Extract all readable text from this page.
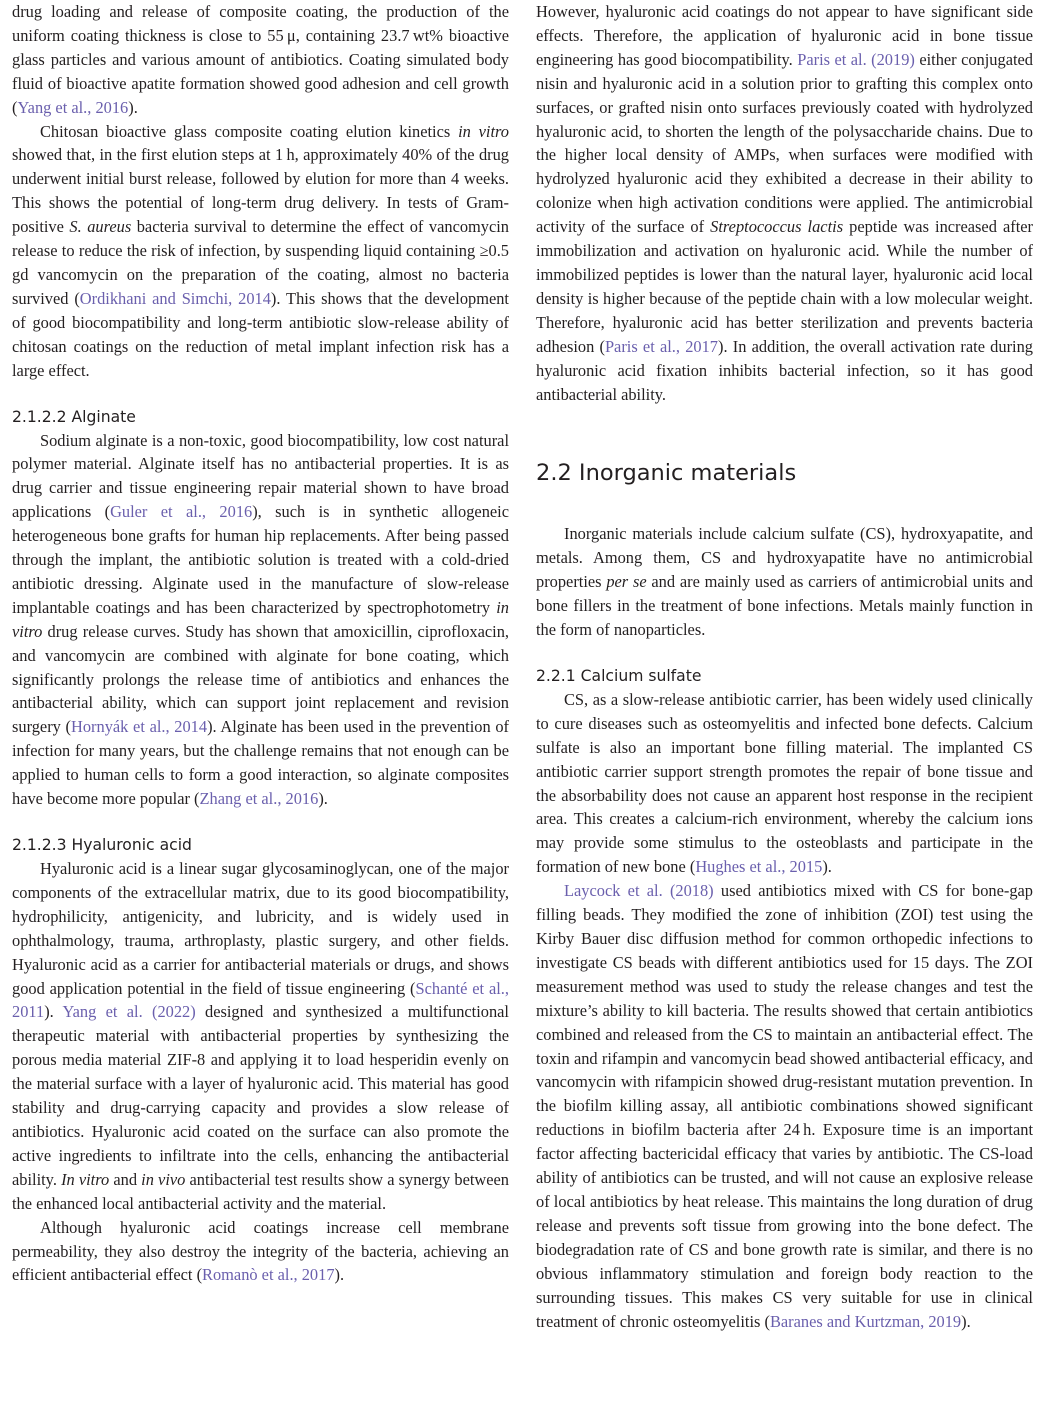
drug loading and release of composite coating, the production of the uniform coating thickness is close to 55 μ, containing 23.7 wt% bioactive glass particles and various amount of antibiotics. Coating simulated body fluid of bioactive apatite formation showed good adhesion and cell growth (Yang et al., 2016).

Chitosan bioactive glass composite coating elution kinetics in vitro showed that, in the first elution steps at 1 h, approximately 40% of the drug underwent initial burst release, followed by elution for more than 4 weeks. This shows the potential of long-term drug delivery. In tests of Gram-positive S. aureus bacteria survival to determine the effect of vancomycin release to reduce the risk of infection, by suspending liquid containing ≥0.5 gd vancomycin on the preparation of the coating, almost no bacteria survived (Ordikhani and Simchi, 2014). This shows that the development of good biocompatibility and long-term antibiotic slow-release ability of chitosan coatings on the reduction of metal implant infection risk has a large effect.

2.1.2.2 Alginate

Sodium alginate is a non-toxic, good biocompatibility, low cost natural polymer material. Alginate itself has no antibacterial properties. It is as drug carrier and tissue engineering repair material shown to have broad applications (Guler et al., 2016), such is in synthetic allogeneic heterogeneous bone grafts for human hip replacements. After being passed through the implant, the antibiotic solution is treated with a cold-dried antibiotic dressing. Alginate used in the manufacture of slow-release implantable coatings and has been characterized by spectrophotometry in vitro drug release curves. Study has shown that amoxicillin, ciprofloxacin, and vancomycin are combined with alginate for bone coating, which significantly prolongs the release time of antibiotics and enhances the antibacterial ability, which can support joint replacement and revision surgery (Hornyák et al., 2014). Alginate has been used in the prevention of infection for many years, but the challenge remains that not enough can be applied to human cells to form a good interaction, so alginate composites have become more popular (Zhang et al., 2016).

2.1.2.3 Hyaluronic acid

Hyaluronic acid is a linear sugar glycosaminoglycan, one of the major components of the extracellular matrix, due to its good biocompatibility, hydrophilicity, antigenicity, and lubricity, and is widely used in ophthalmology, trauma, arthroplasty, plastic surgery, and other fields. Hyaluronic acid as a carrier for antibacterial materials or drugs, and shows good application potential in the field of tissue engineering (Schanté et al., 2011). Yang et al. (2022) designed and synthesized a multifunctional therapeutic material with antibacterial properties by synthesizing the porous media material ZIF-8 and applying it to load hesperidin evenly on the material surface with a layer of hyaluronic acid. This material has good stability and drug-carrying capacity and provides a slow release of antibiotics. Hyaluronic acid coated on the surface can also promote the active ingredients to infiltrate into the cells, enhancing the antibacterial ability. In vitro and in vivo antibacterial test results show a synergy between the enhanced local antibacterial activity and the material.

Although hyaluronic acid coatings increase cell membrane permeability, they also destroy the integrity of the bacteria, achieving an efficient antibacterial effect (Romanò et al., 2017).

However, hyaluronic acid coatings do not appear to have significant side effects. Therefore, the application of hyaluronic acid in bone tissue engineering has good biocompatibility. Paris et al. (2019) either conjugated nisin and hyaluronic acid in a solution prior to grafting this complex onto surfaces, or grafted nisin onto surfaces previously coated with hydrolyzed hyaluronic acid, to shorten the length of the polysaccharide chains. Due to the higher local density of AMPs, when surfaces were modified with hydrolyzed hyaluronic acid they exhibited a decrease in their ability to colonize when high activation conditions were applied. The antimicrobial activity of the surface of Streptococcus lactis peptide was increased after immobilization and activation on hyaluronic acid. While the number of immobilized peptides is lower than the natural layer, hyaluronic acid local density is higher because of the peptide chain with a low molecular weight. Therefore, hyaluronic acid has better sterilization and prevents bacteria adhesion (Paris et al., 2017). In addition, the overall activation rate during hyaluronic acid fixation inhibits bacterial infection, so it has good antibacterial ability.

2.2 Inorganic materials

Inorganic materials include calcium sulfate (CS), hydroxyapatite, and metals. Among them, CS and hydroxyapatite have no antimicrobial properties per se and are mainly used as carriers of antimicrobial units and bone fillers in the treatment of bone infections. Metals mainly function in the form of nanoparticles.

2.2.1 Calcium sulfate

CS, as a slow-release antibiotic carrier, has been widely used clinically to cure diseases such as osteomyelitis and infected bone defects. Calcium sulfate is also an important bone filling material. The implanted CS antibiotic carrier support strength promotes the repair of bone tissue and the absorbability does not cause an apparent host response in the recipient area. This creates a calcium-rich environment, whereby the calcium ions may provide some stimulus to the osteoblasts and participate in the formation of new bone (Hughes et al., 2015).

Laycock et al. (2018) used antibiotics mixed with CS for bone-gap filling beads. They modified the zone of inhibition (ZOI) test using the Kirby Bauer disc diffusion method for common orthopedic infections to investigate CS beads with different antibiotics used for 15 days. The ZOI measurement method was used to study the release changes and test the mixture’s ability to kill bacteria. The results showed that certain antibiotics combined and released from the CS to maintain an antibacterial effect. The toxin and rifampin and vancomycin bead showed antibacterial efficacy, and vancomycin with rifampicin showed drug-resistant mutation prevention. In the biofilm killing assay, all antibiotic combinations showed significant reductions in biofilm bacteria after 24 h. Exposure time is an important factor affecting bactericidal efficacy that varies by antibiotic. The CS-load ability of antibiotics can be trusted, and will not cause an explosive release of local antibiotics by heat release. This maintains the long duration of drug release and prevents soft tissue from growing into the bone defect. The biodegradation rate of CS and bone growth rate is similar, and there is no obvious inflammatory stimulation and foreign body reaction to the surrounding tissues. This makes CS very suitable for use in clinical treatment of chronic osteomyelitis (Baranes and Kurtzman, 2019).
